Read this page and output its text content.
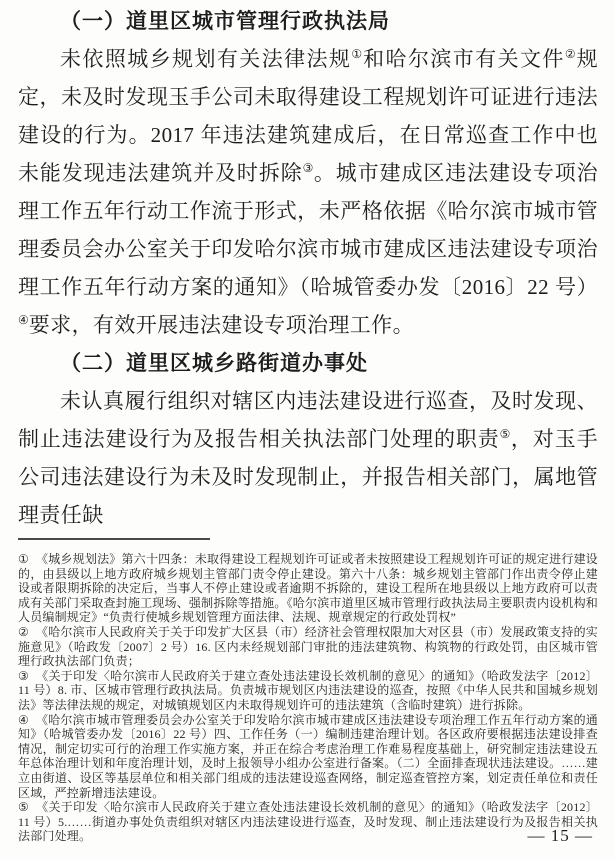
（一）道里区城市管理行政执法局

未依照城乡规划有关法律法规①和哈尔滨市有关文件②规定，未及时发现玉手公司未取得建设工程规划许可证进行违法建设的行为。2017 年违法建筑建成后，在日常巡查工作中也未能发现违法建筑并及时拆除③。城市建成区违法建设专项治理工作五年行动工作流于形式，未严格依据《哈尔滨市城市管理委员会办公室关于印发哈尔滨市城市建成区违法建设专项治理工作五年行动方案的通知》（哈城管委办发〔2016〕22 号）④要求，有效开展违法建设专项治理工作。

（二）道里区城乡路街道办事处

未认真履行组织对辖区内违法建设进行巡查，及时发现、制止违法建设行为及报告相关执法部门处理的职责⑤，对玉手公司违法建设行为未及时发现制止，并报告相关部门，属地管理责任缺

① 《城乡规划法》第六十四条：未取得建设工程规划许可证或者未按照建设工程规划许可证的规定进行建设的，由县级以上地方政府城乡规划主管部门责令停止建设。第六十八条：城乡规划主管部门作出责令停止建设或者限期拆除的决定后，当事人不停止建设或者逾期不拆除的，建设工程所在地县级以上地方政府可以责成有关部门采取查封施工现场、强制拆除等措施。《哈尔滨市道里区城市管理行政执法局主要职责内设机构和人员编制规定》“负责行使城乡规划管理方面法律、法规、规章规定的行政处罚权”

② 《哈尔滨市人民政府关于关于印发扩大区县（市）经济社会管理权限加大对区县（市）发展政策支持的实施意见》（哈政发〔2007〕2 号）16. 区内未经规划部门审批的违法建筑物、构筑物的行政处罚，由区城市管理行政执法部门负责；

③ 《关于印发〈哈尔滨市人民政府关于建立查处违法建设长效机制的意见〉的通知》（哈政发法字〔2012〕11 号）8. 市、区城市管理行政执法局。负责城市规划区内违法建设的巡查，按照《中华人民共和国城乡规划法》等法律法规的规定，对城镇规划区内未取得规划许可的违法建筑（含临时建筑）进行拆除。

④ 《哈尔滨市城市管理委员会办公室关于印发哈尔滨市城市建成区违法建设专项治理工作五年行动方案的通知》（哈城管委办发〔2016〕22 号）四、工作任务（一）编制违建治理计划。各区政府要根据违法建设排查情况，制定切实可行的治理工作实施方案，并正在综合考虑治理工作难易程度基础上，研究制定违法建设五年总体治理计划和年度治理计划，及时上报领导小组办公室进行备案。（二）全面排查现状违法建设。……建立由街道、设区等基层单位和相关部门组成的违法建设巡查网络，制定巡查管控方案，划定责任单位和责任区域，严控新增违法建设。

⑤ 《关于印发〈哈尔滨市人民政府关于建立查处违法建设长效机制的意见〉的通知》（哈政发法字〔2012〕11 号）5.……街道办事处负责组织对辖区内违法建设进行巡查，及时发现、制止违法建设行为及报告相关执法部门处理。	— 15 —
